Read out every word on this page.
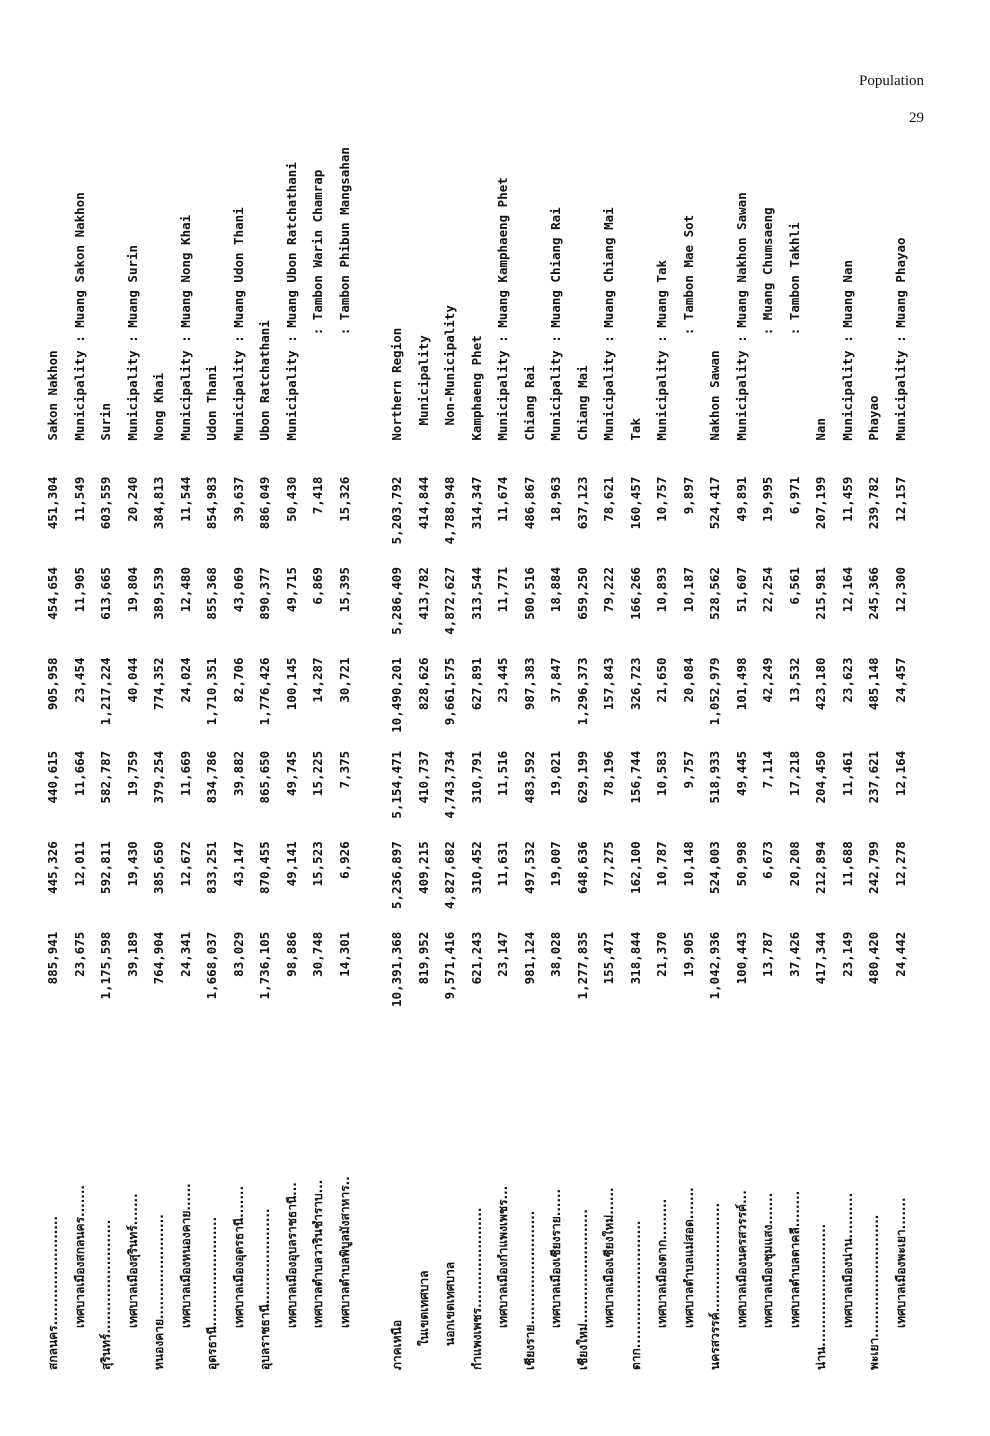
Population
29
สกลนคร........................	885,941	445,326	440,615	905,958	454,654	451,304	Sakon Nakhon
เทศบาลเมืองสกลนคร.......	23,675	12,011	11,664	23,454	11,905	11,549	Municipality : Muang Sakon Nakhon
สุรินทร์.........................	1,175,598	592,811	582,787	1,217,224	613,665	603,559	Surin
เทศบาลเมืองสุรินทร์.......	39,189	19,430	19,759	40,044	19,804	20,240	Municipality : Muang Surin
หนองคาย.......................	764,904	385,650	379,254	774,352	389,539	384,813	Nong Khai
เทศบาลเมืองหนองคาย......	24,341	12,672	11,669	24,024	12,480	11,544	Municipality : Muang Nong Khai
อุดรธานี........................	1,668,037	833,251	834,786	1,710,351	855,368	854,983	Udon Thani
เทศบาลเมืองอุดรธานี.......	83,029	43,147	39,882	82,706	43,069	39,637	Municipality : Muang Udon Thani
อุบลราชธานี.....................	1,736,105	870,455	865,650	1,776,426	890,377	886,049	Ubon Ratchathani
เทศบาลเมืองอุบลราชธานี...	98,886	49,141	49,745	100,145	49,715	50,430	Municipality : Muang Ubon Ratchathani
เทศบาลตำบลวารินชำราบ...	30,748	15,523	15,225	14,287	6,869	7,418	: Tambon Warin Chamrap
เทศบาลตำบลพิบูลมังสาหาร..	14,301	6,926	7,375	30,721	15,395	15,326	: Tambon Phibun Mangsahan

ภาคเหนือ	10,391,368	5,236,897	5,154,471	10,490,201	5,286,409	5,203,792	Northern Region
ในเขตเทศบาล	819,952	409,215	410,737	828,626	413,782	414,844	Municipality
นอกเขตเทศบาล	9,571,416	4,827,682	4,743,734	9,661,575	4,872,627	4,788,948	Non-Municipality
กำแพงเพชร......................	621,243	310,452	310,791	627,891	313,544	314,347	Kamphaeng Phet
เทศบาลเมืองกำแพงเพชร...	23,147	11,631	11,516	23,445	11,771	11,674	Municipality : Muang Kamphaeng Phet
เชียงราย.........................	981,124	497,532	483,592	987,383	500,516	486,867	Chiang Rai
เทศบาลเมืองเชียงราย......	38,028	19,007	19,021	37,847	18,884	18,963	Municipality : Muang Chiang Rai
เชียงใหม่.........................	1,277,835	648,636	629,199	1,296,373	659,250	637,123	Chiang Mai
เทศบาลเมืองเชียงใหม่......	155,471	77,275	78,196	157,843	79,222	78,621	Municipality : Muang Chiang Mai
ตาก............................	318,844	162,100	156,744	326,723	166,266	160,457	Tak
เทศบาลเมืองตาก.........	21,370	10,787	10,583	21,650	10,893	10,757	Municipality : Muang Tak
เทศบาลตำบลแม่สอด.......	19,905	10,148	9,757	20,084	10,187	9,897	: Tambon Mae Sot
นครสวรรค์........................	1,042,936	524,003	518,933	1,052,979	528,562	524,417	Nakhon Sawan
เทศบาลเมืองนครสวรรค์...	100,443	50,998	49,445	101,498	51,607	49,891	Municipality : Muang Nakhon Sawan
เทศบาลเมืองชุมแสง.......	13,787	6,673	7,114	42,249	22,254	19,995	: Muang Chumsaeng
เทศบาลตำบลตาคลี........	37,426	20,208	17,218	13,532	6,561	6,971	: Tambon Takhli
น่าน...........................	417,344	212,894	204,450	423,180	215,981	207,199	Nan
เทศบาลเมืองน่าน..........	23,149	11,688	11,461	23,623	12,164	11,459	Municipality : Muang Nan
พะเยา...........................	480,420	242,799	237,621	485,148	245,366	239,782	Phayao
เทศบาลเมืองพะเยา.......	24,442	12,278	12,164	24,457	12,300	12,157	Municipality : Muang Phayao
